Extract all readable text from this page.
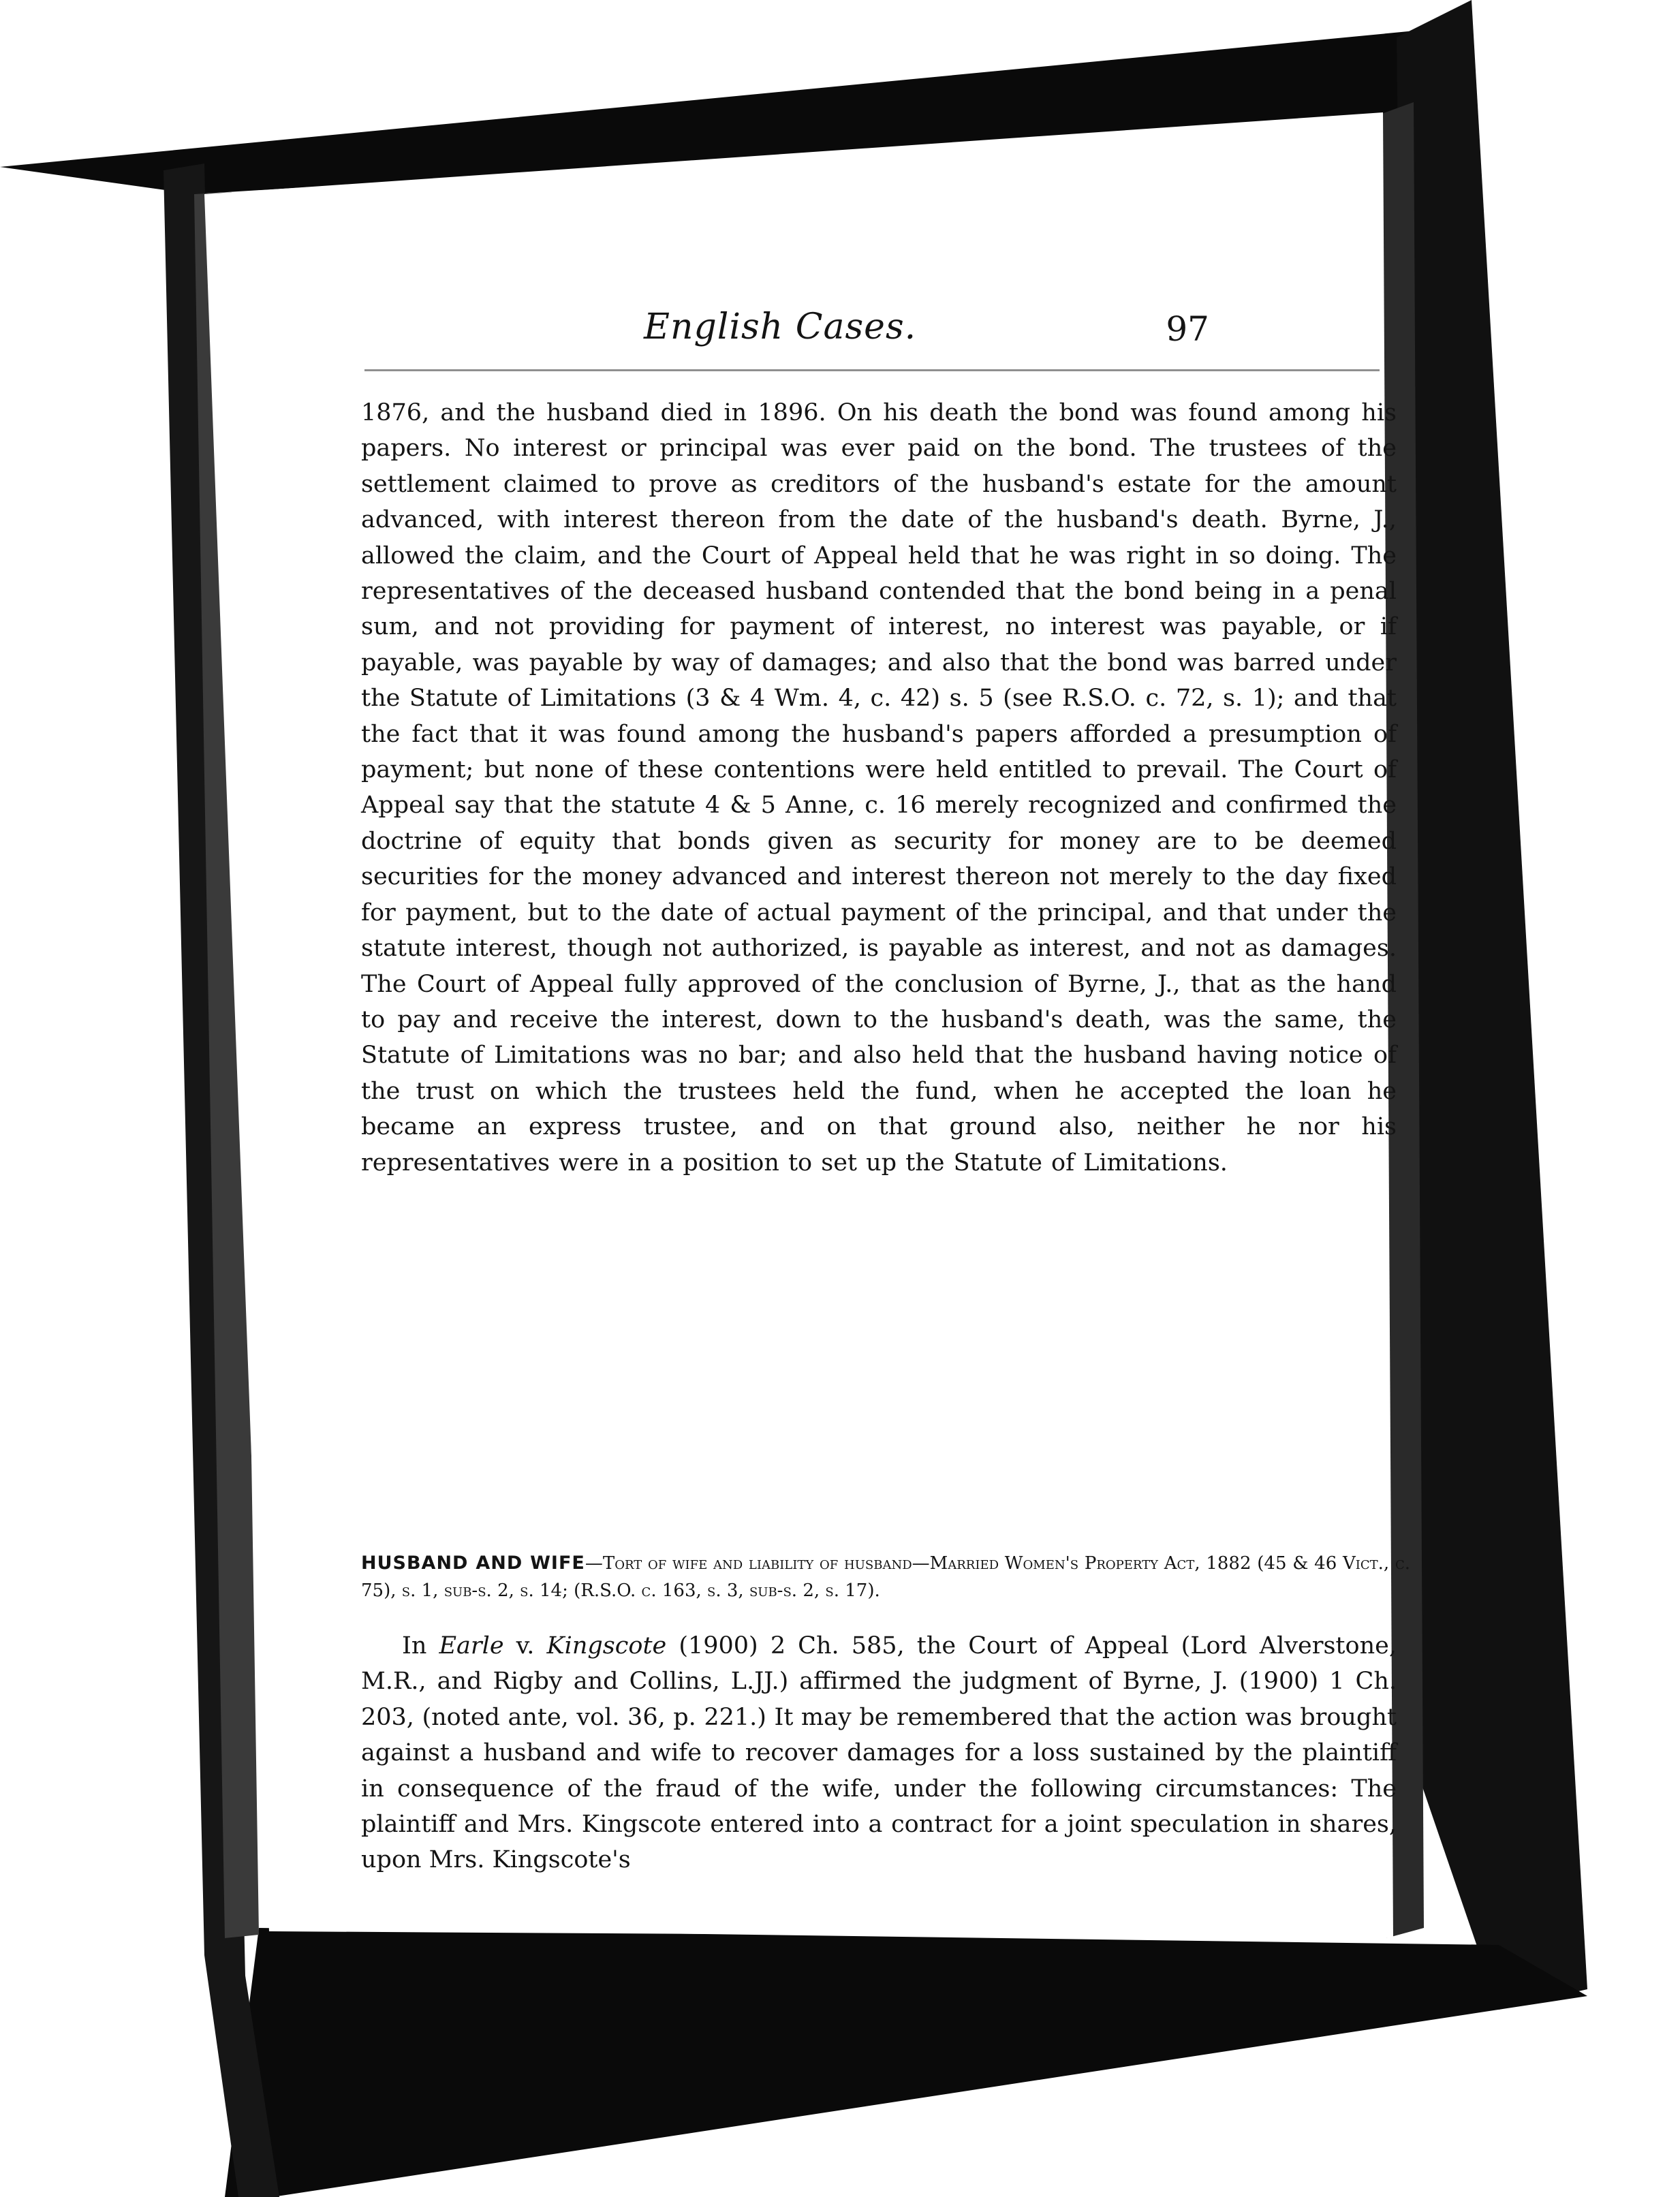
English Cases.	97

1876, and the husband died in 1896. On his death the bond was found among his papers. No interest or principal was ever paid on the bond. The trustees of the settlement claimed to prove as creditors of the husband's estate for the amount advanced, with interest thereon from the date of the husband's death. Byrne, J., allowed the claim, and the Court of Appeal held that he was right in so doing. The representatives of the deceased husband contended that the bond being in a penal sum, and not providing for payment of interest, no interest was payable, or if payable, was payable by way of damages; and also that the bond was barred under the Statute of Limitations (3 & 4 Wm. 4, c. 42) s. 5 (see R.S.O. c. 72, s. 1); and that the fact that it was found among the husband's papers afforded a presumption of payment; but none of these contentions were held entitled to prevail. The Court of Appeal say that the statute 4 & 5 Anne, c. 16 merely recognized and confirmed the doctrine of equity that bonds given as security for money are to be deemed securities for the money advanced and interest thereon not merely to the day fixed for payment, but to the date of actual payment of the principal, and that under the statute interest, though not authorized, is payable as interest, and not as damages. The Court of Appeal fully approved of the conclusion of Byrne, J., that as the hand to pay and receive the interest, down to the husband's death, was the same, the Statute of Limitations was no bar; and also held that the husband having notice of the trust on which the trustees held the fund, when he accepted the loan he became an express trustee, and on that ground also, neither he nor his representatives were in a position to set up the Statute of Limitations.

HUSBAND AND WIFE—Tort of wife and liability of husband—Married Women's Property Act, 1882 (45 & 46 Vict., c. 75), s. 1, sub-s. 2, s. 14; (R.S.O. c. 163, s. 3, sub-s. 2, s. 17).

In Earle v. Kingscote (1900) 2 Ch. 585, the Court of Appeal (Lord Alverstone, M.R., and Rigby and Collins, L.JJ.) affirmed the judgment of Byrne, J. (1900) 1 Ch. 203, (noted ante, vol. 36, p. 221.) It may be remembered that the action was brought against a husband and wife to recover damages for a loss sustained by the plaintiff in consequence of the fraud of the wife, under the following circumstances: The plaintiff and Mrs. Kingscote entered into a contract for a joint speculation in shares, upon Mrs. Kingscote's
